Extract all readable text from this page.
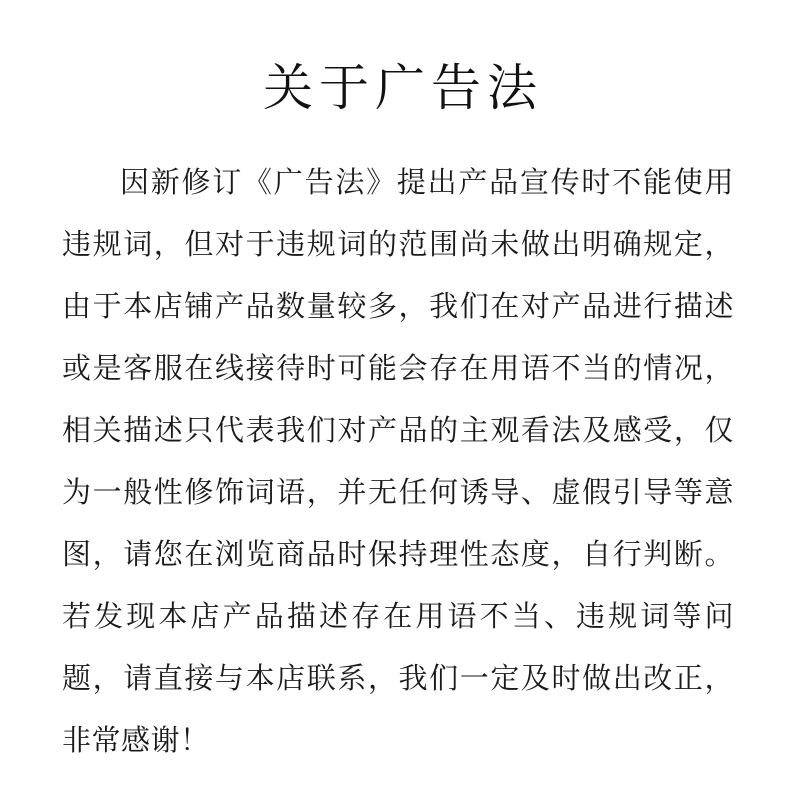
关于广告法

因新修订《广告法》提出产品宣传时不能使用违规词，但对于违规词的范围尚未做出明确规定，由于本店铺产品数量较多，我们在对产品进行描述或是客服在线接待时可能会存在用语不当的情况，相关描述只代表我们对产品的主观看法及感受，仅为一般性修饰词语，并无任何诱导、虚假引导等意图，请您在浏览商品时保持理性态度，自行判断。若发现本店产品描述存在用语不当、违规词等问题，请直接与本店联系，我们一定及时做出改正，非常感谢！
